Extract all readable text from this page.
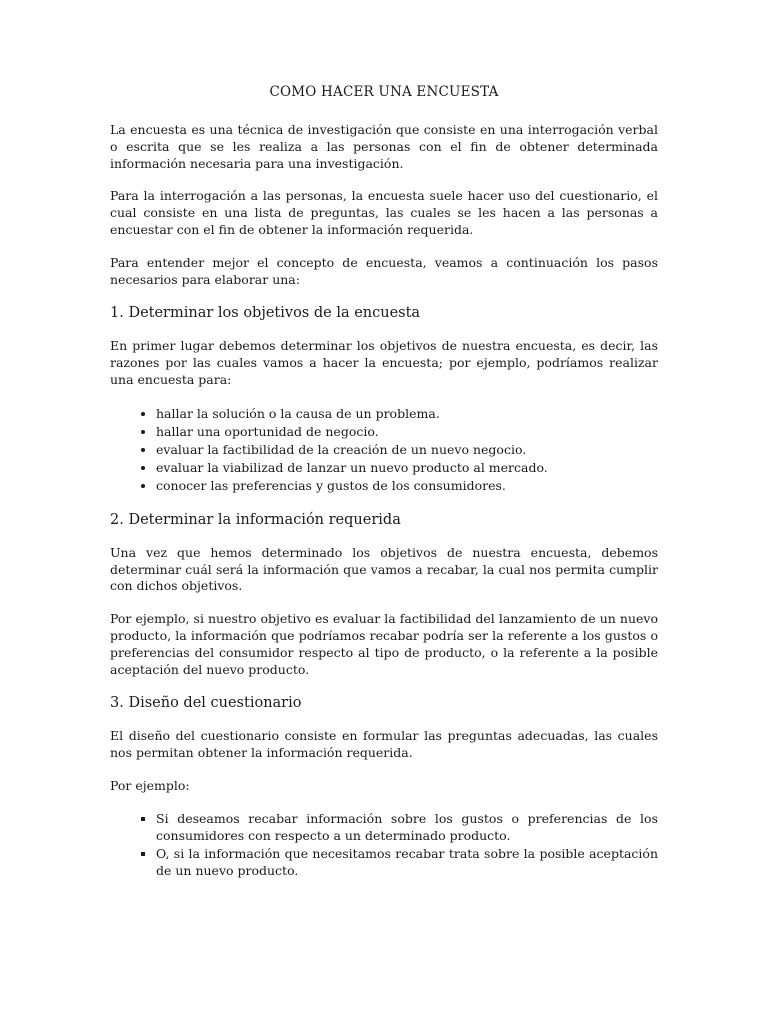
COMO HACER UNA ENCUESTA

La encuesta es una técnica de investigación que consiste en una interrogación verbal o escrita que se les realiza a las personas con el fin de obtener determinada información necesaria para una investigación.

Para la interrogación a las personas, la encuesta suele hacer uso del cuestionario, el cual consiste en una lista de preguntas, las cuales se les hacen a las personas a encuestar con el fin de obtener la información requerida.

Para entender mejor el concepto de encuesta, veamos a continuación los pasos necesarios para elaborar una:

1. Determinar los objetivos de la encuesta

En primer lugar debemos determinar los objetivos de nuestra encuesta, es decir, las razones por las cuales vamos a hacer la encuesta; por ejemplo, podríamos realizar una encuesta para:

• hallar la solución o la causa de un problema.
• hallar una oportunidad de negocio.
• evaluar la factibilidad de la creación de un nuevo negocio.
• evaluar la viabilizad de lanzar un nuevo producto al mercado.
• conocer las preferencias y gustos de los consumidores.
2. Determinar la información requerida

Una vez que hemos determinado los objetivos de nuestra encuesta, debemos determinar cuál será la información que vamos a recabar, la cual nos permita cumplir con dichos objetivos.

Por ejemplo, si nuestro objetivo es evaluar la factibilidad del lanzamiento de un nuevo producto, la información que podríamos recabar podría ser la referente a los gustos o preferencias del consumidor respecto al tipo de producto, o la referente a la posible aceptación del nuevo producto.

3. Diseño del cuestionario

El diseño del cuestionario consiste en formular las preguntas adecuadas, las cuales nos permitan obtener la información requerida.

Por ejemplo:

▪ Si deseamos recabar información sobre los gustos o preferencias de los consumidores con respecto a un determinado producto.
▪ O, si la información que necesitamos recabar trata sobre la posible aceptación de un nuevo producto.
